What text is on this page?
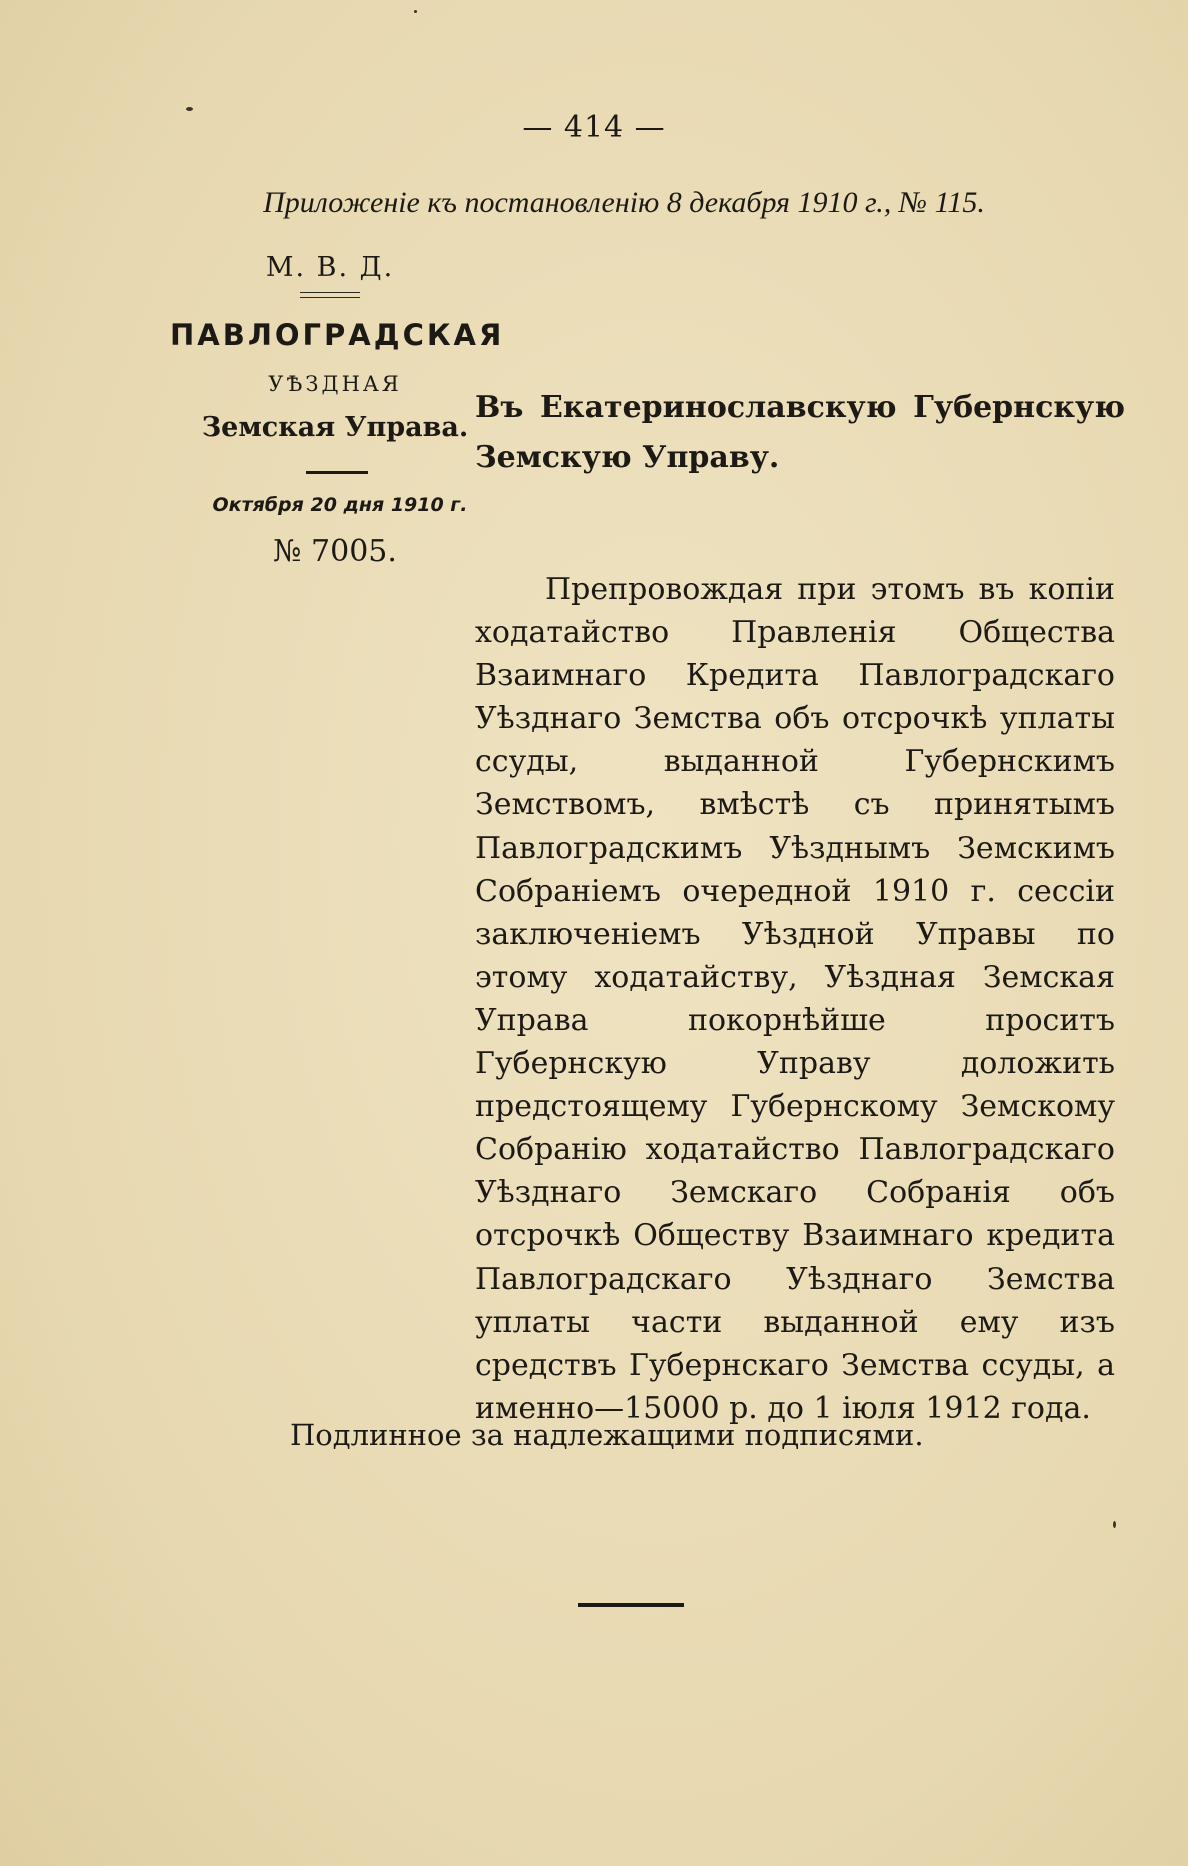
— 414 —
Приложенiе къ постановленiю 8 декабря 1910 г., № 115.
М. В. Д.
ПАВЛОГРАДСКАЯ
УѢЗДНАЯ
Земская Управа.
Октября 20 дня 1910 г.
№ 7005.
Въ Екатеринославскую Губернскую Земскую Управу.

Препровождая при этомъ въ копiи ходатайство Правленiя Общества Взаимнаго Кредита Павлоградскаго Уѣзднаго Земства объ отсрочкѣ уплаты ссуды, выданной Губернскимъ Земствомъ, вмѣстѣ съ принятымъ Павлоградскимъ Уѣзднымъ Земскимъ Собранiемъ очередной 1910 г. сессiи заключенiемъ Уѣздной Управы по этому ходатайству, Уѣздная Земская Управа покорнѣйше проситъ Губернскую Управу доложить предстоящему Губернскому Земскому Собранiю ходатайство Павлоградскаго Уѣзднаго Земскаго Собранiя объ отсрочкѣ Обществу Взаимнаго кредита Павлоградскаго Уѣзднаго Земства уплаты части выданной ему изъ средствъ Губернскаго Земства ссуды, а именно—15000 р. до 1 iюля 1912 года.

Подлинное за надлежащими подписями.
